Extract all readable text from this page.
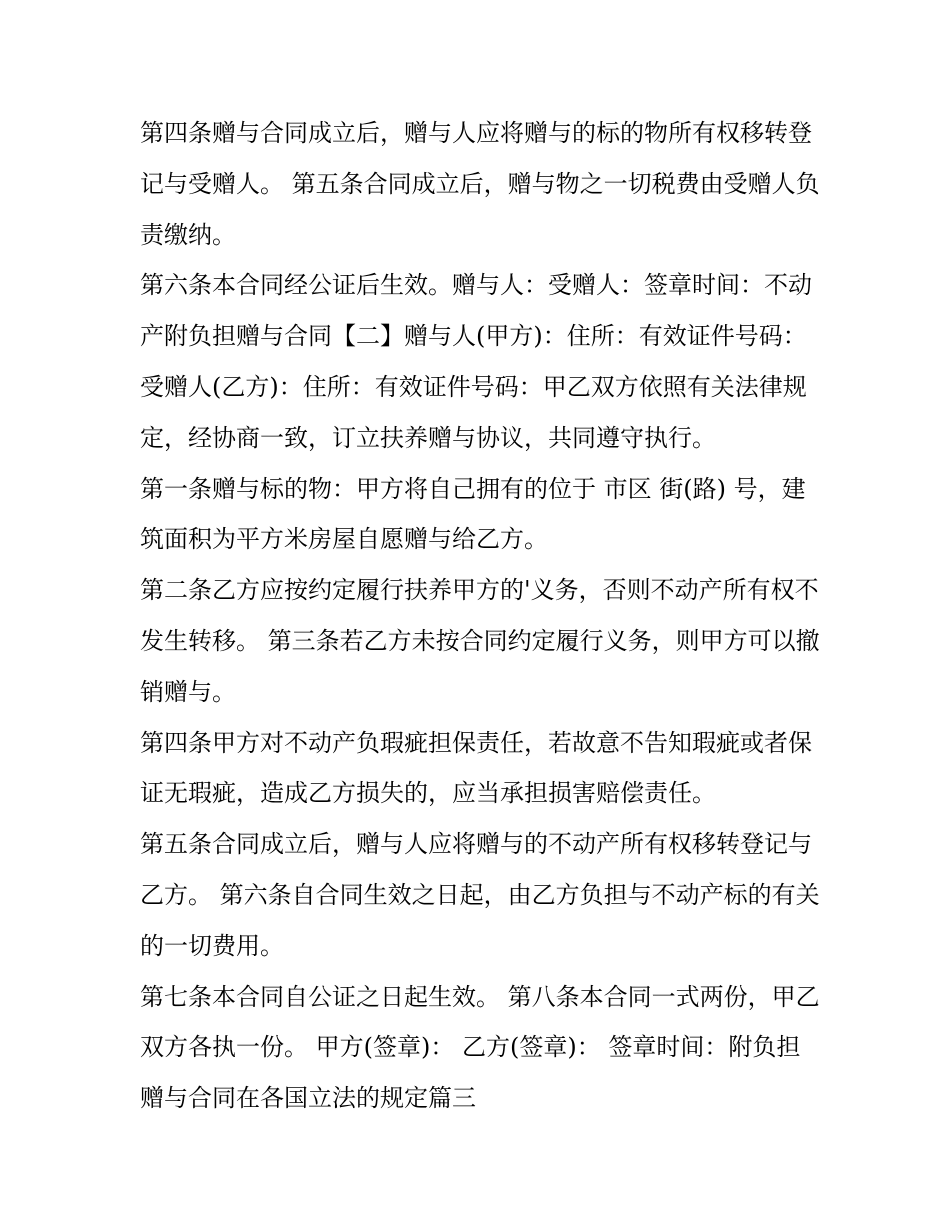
第四条赠与合同成立后，赠与人应将赠与的标的物所有权移转登记与受赠人。 第五条合同成立后，赠与物之一切税费由受赠人负责缴纳。

第六条本合同经公证后生效。赠与人：受赠人：签章时间：不动产附负担赠与合同【二】赠与人(甲方)：住所：有效证件号码：受赠人(乙方)：住所：有效证件号码：甲乙双方依照有关法律规定，经协商一致，订立扶养赠与协议，共同遵守执行。

第一条赠与标的物：甲方将自己拥有的位于 市区 街(路) 号，建筑面积为平方米房屋自愿赠与给乙方。

第二条乙方应按约定履行扶养甲方的'义务，否则不动产所有权不发生转移。 第三条若乙方未按合同约定履行义务，则甲方可以撤销赠与。

第四条甲方对不动产负瑕疵担保责任，若故意不告知瑕疵或者保证无瑕疵，造成乙方损失的，应当承担损害赔偿责任。

第五条合同成立后，赠与人应将赠与的不动产所有权移转登记与乙方。 第六条自合同生效之日起，由乙方负担与不动产标的有关的一切费用。

第七条本合同自公证之日起生效。 第八条本合同一式两份，甲乙双方各执一份。 甲方(签章)： 乙方(签章)： 签章时间：附负担赠与合同在各国立法的规定篇三
